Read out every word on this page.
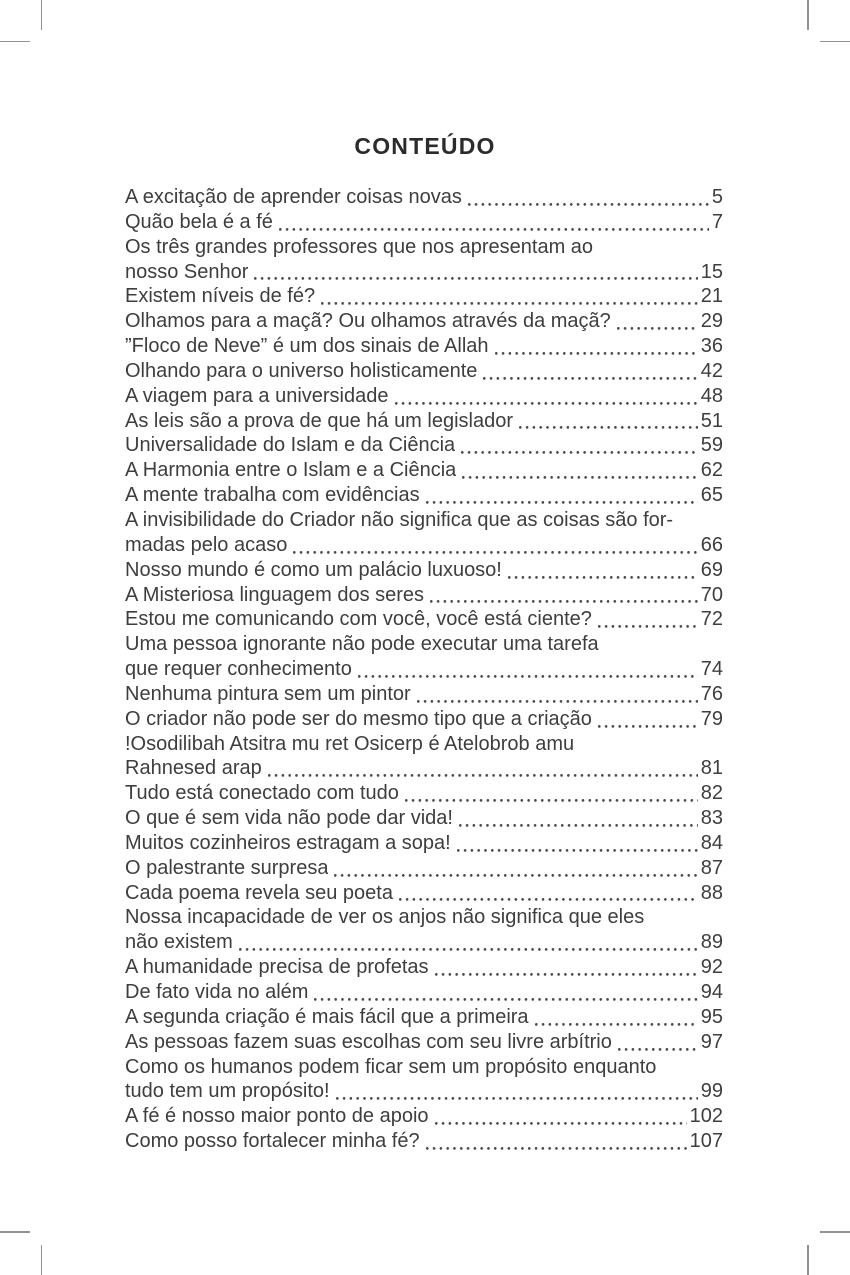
CONTEÚDO
A excitação de aprender coisas novas	5
Quão bela é a fé	7
Os três grandes professores que nos apresentam ao
nosso Senhor	15
Existem níveis de fé?	21
Olhamos para a maçã? Ou olhamos através da maçã?	29
”Floco de Neve” é um dos sinais de Allah	36
Olhando para o universo holisticamente	42
A viagem para a universidade	48
As leis são a prova de que há um legislador	51
Universalidade do Islam e da Ciência	59
A Harmonia entre o Islam e a Ciência	62
A mente trabalha com evidências	65
A invisibilidade do Criador não significa que as coisas são for-
madas pelo acaso	66
Nosso mundo é como um palácio luxuoso!	69
A Misteriosa linguagem dos seres	70
Estou me comunicando com você, você está ciente?	72
Uma pessoa ignorante não pode executar uma tarefa
que requer conhecimento	74
Nenhuma pintura sem um pintor	76
O criador não pode ser do mesmo tipo que a criação	79
!Osodilibah Atsitra mu ret Osicerp é Atelobrob amu
Rahnesed arap	81
Tudo está conectado com tudo	82
O que é sem vida não pode dar vida!	83
Muitos cozinheiros estragam a sopa!	84
O palestrante surpresa	87
Cada poema revela seu poeta	88
Nossa incapacidade de ver os anjos não significa que eles
não existem	89
A humanidade precisa de profetas	92
De fato vida no além	94
A segunda criação é mais fácil que a primeira	95
As pessoas fazem suas escolhas com seu livre arbítrio	97
Como os humanos podem ficar sem um propósito enquanto
tudo tem um propósito!	99
A fé é nosso maior ponto de apoio	102
Como posso fortalecer minha fé?	107
